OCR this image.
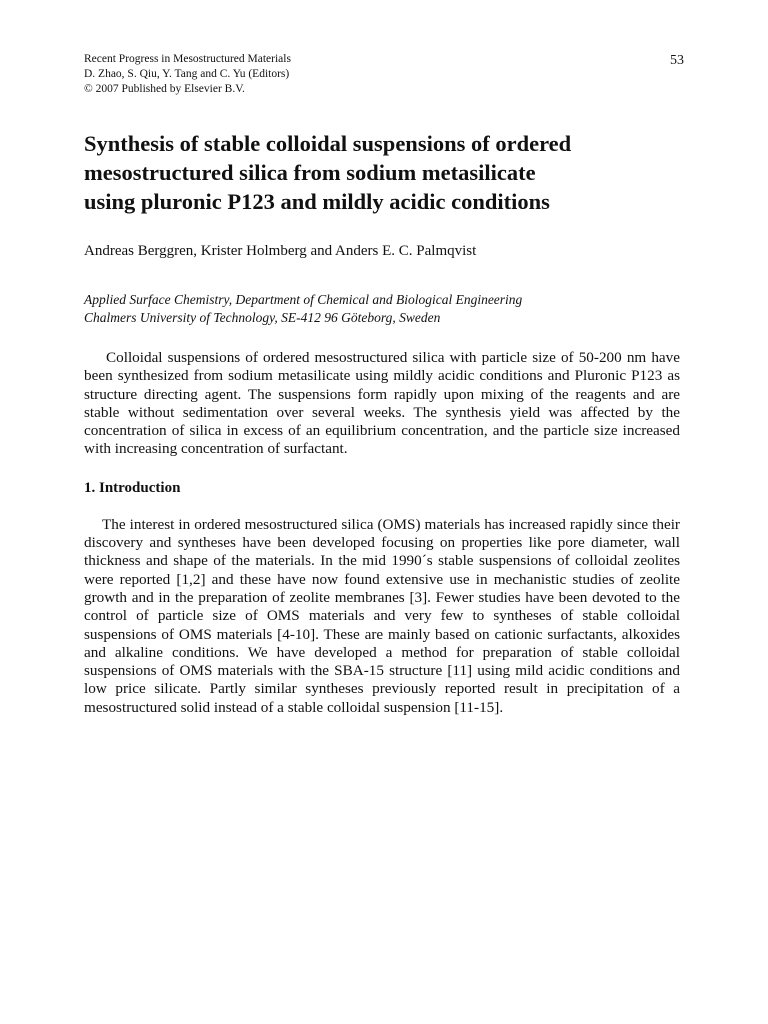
Recent Progress in Mesostructured Materials
D. Zhao, S. Qiu, Y. Tang and C. Yu (Editors)
© 2007 Published by Elsevier B.V.
53
Synthesis of stable colloidal suspensions of ordered
mesostructured silica from sodium metasilicate
using pluronic P123 and mildly acidic conditions
Andreas Berggren, Krister Holmberg and Anders E. C. Palmqvist
Applied Surface Chemistry, Department of Chemical and Biological Engineering
Chalmers University of Technology, SE-412 96 Göteborg, Sweden

Colloidal suspensions of ordered mesostructured silica with particle size of 50-200 nm have been synthesized from sodium metasilicate using mildly acidic conditions and Pluronic P123 as structure directing agent. The suspensions form rapidly upon mixing of the reagents and are stable without sedimentation over several weeks. The synthesis yield was affected by the concentration of silica in excess of an equilibrium concentration, and the particle size increased with increasing concentration of surfactant.

1. Introduction

The interest in ordered mesostructured silica (OMS) materials has increased rapidly since their discovery and syntheses have been developed focusing on properties like pore diameter, wall thickness and shape of the materials. In the mid 1990´s stable suspensions of colloidal zeolites were reported [1,2] and these have now found extensive use in mechanistic studies of zeolite growth and in the preparation of zeolite membranes [3]. Fewer studies have been devoted to the control of particle size of OMS materials and very few to syntheses of stable colloidal suspensions of OMS materials [4-10]. These are mainly based on cationic surfactants, alkoxides and alkaline conditions. We have developed a method for preparation of stable colloidal suspensions of OMS materials with the SBA-15 structure [11] using mild acidic conditions and low price silicate. Partly similar syntheses previously reported result in precipitation of a mesostructured solid instead of a stable colloidal suspension [11-15].
